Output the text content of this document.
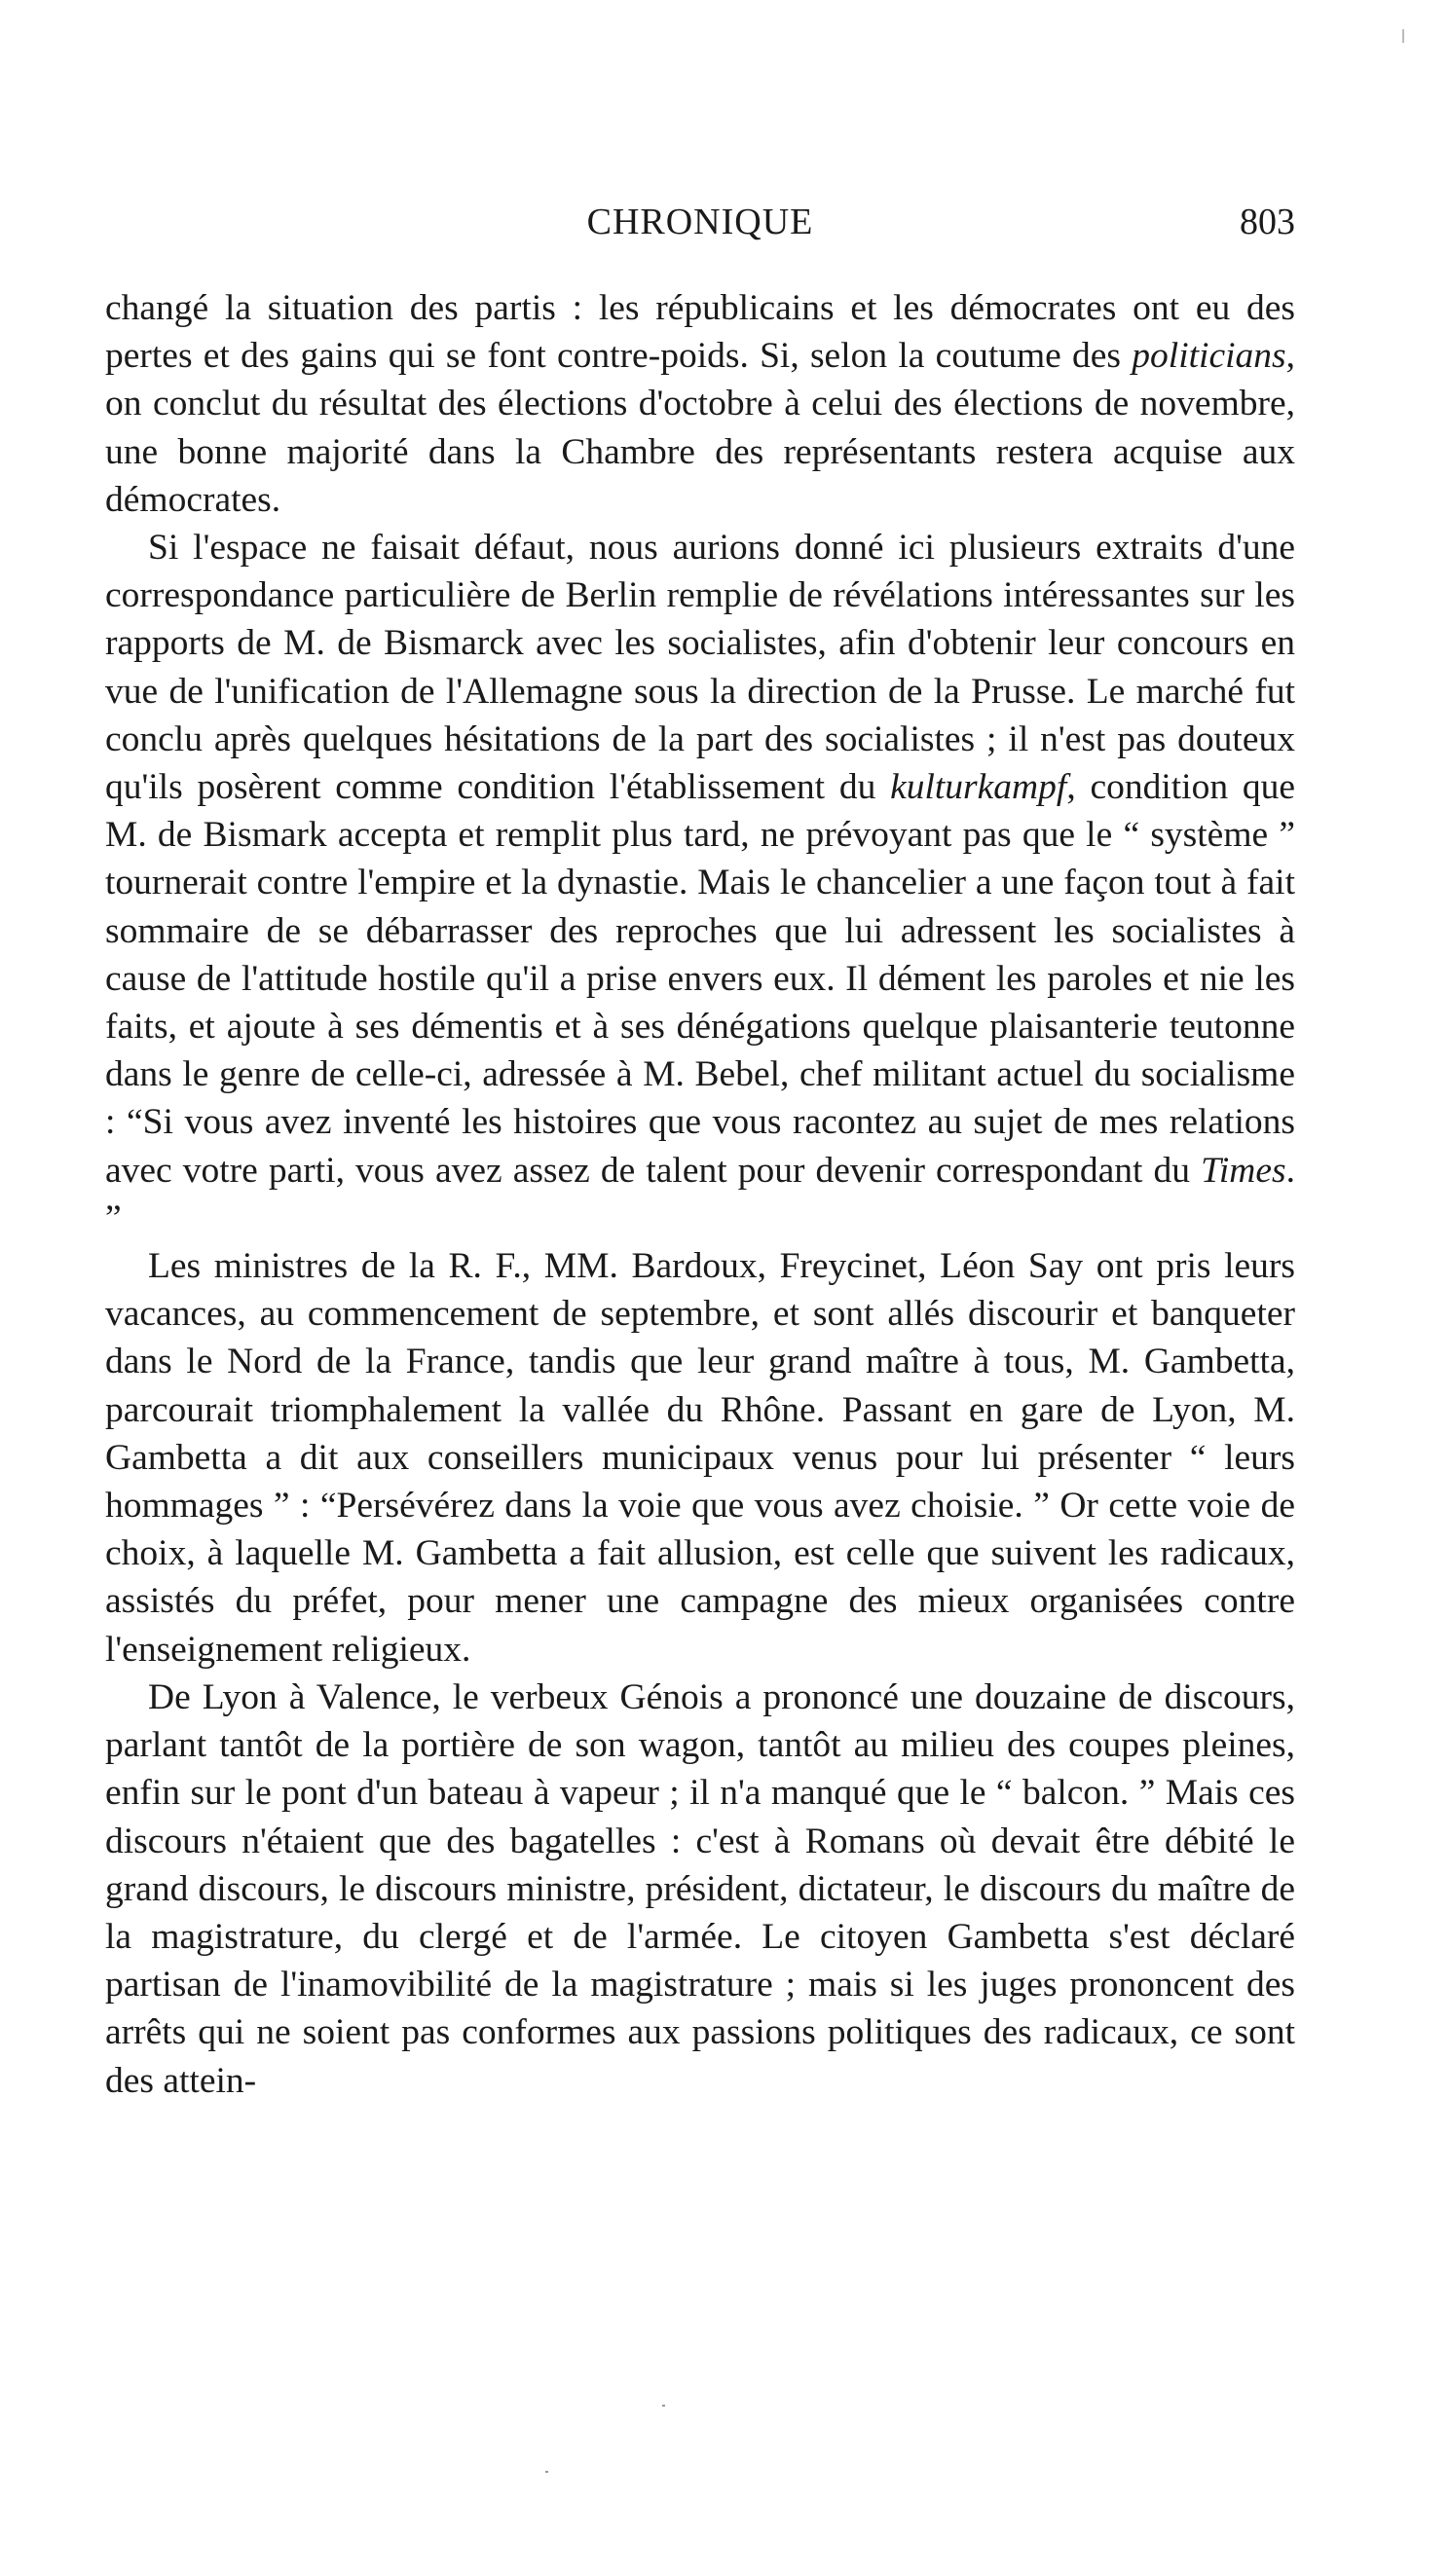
CHRONIQUE	803

changé la situation des partis : les républicains et les démocrates ont eu des pertes et des gains qui se font contre-poids. Si, selon la coutume des politicians, on conclut du résultat des élections d'octobre à celui des élections de novembre, une bonne majorité dans la Chambre des représentants restera acquise aux démocrates.

Si l'espace ne faisait défaut, nous aurions donné ici plusieurs extraits d'une correspondance particulière de Berlin remplie de révélations intéressantes sur les rapports de M. de Bismarck avec les socialistes, afin d'obtenir leur concours en vue de l'unification de l'Allemagne sous la direction de la Prusse. Le marché fut conclu après quelques hésitations de la part des socialistes ; il n'est pas douteux qu'ils posèrent comme condition l'établissement du kulturkampf, condition que M. de Bismark accepta et remplit plus tard, ne prévoyant pas que le “ système ” tournerait contre l'empire et la dynastie. Mais le chancelier a une façon tout à fait sommaire de se débarrasser des reproches que lui adressent les socialistes à cause de l'attitude hostile qu'il a prise envers eux. Il dément les paroles et nie les faits, et ajoute à ses démentis et à ses dénégations quelque plaisanterie teutonne dans le genre de celle-ci, adressée à M. Bebel, chef militant actuel du socialisme : “Si vous avez inventé les histoires que vous racontez au sujet de mes relations avec votre parti, vous avez assez de talent pour devenir correspondant du Times. ”

Les ministres de la R. F., MM. Bardoux, Freycinet, Léon Say ont pris leurs vacances, au commencement de septembre, et sont allés discourir et banqueter dans le Nord de la France, tandis que leur grand maître à tous, M. Gambetta, parcourait triomphalement la vallée du Rhône. Passant en gare de Lyon, M. Gambetta a dit aux conseillers municipaux venus pour lui présenter “ leurs hommages ” : “Persévérez dans la voie que vous avez choisie. ” Or cette voie de choix, à laquelle M. Gambetta a fait allusion, est celle que suivent les radicaux, assistés du préfet, pour mener une campagne des mieux organisées contre l'enseignement religieux.

De Lyon à Valence, le verbeux Génois a prononcé une douzaine de discours, parlant tantôt de la portière de son wagon, tantôt au milieu des coupes pleines, enfin sur le pont d'un bateau à vapeur ; il n'a manqué que le “ balcon. ” Mais ces discours n'étaient que des bagatelles : c'est à Romans où devait être débité le grand discours, le discours ministre, président, dictateur, le discours du maître de la magistrature, du clergé et de l'armée. Le citoyen Gambetta s'est déclaré partisan de l'inamovibilité de la magistrature ; mais si les juges prononcent des arrêts qui ne soient pas conformes aux passions politiques des radicaux, ce sont des attein-
